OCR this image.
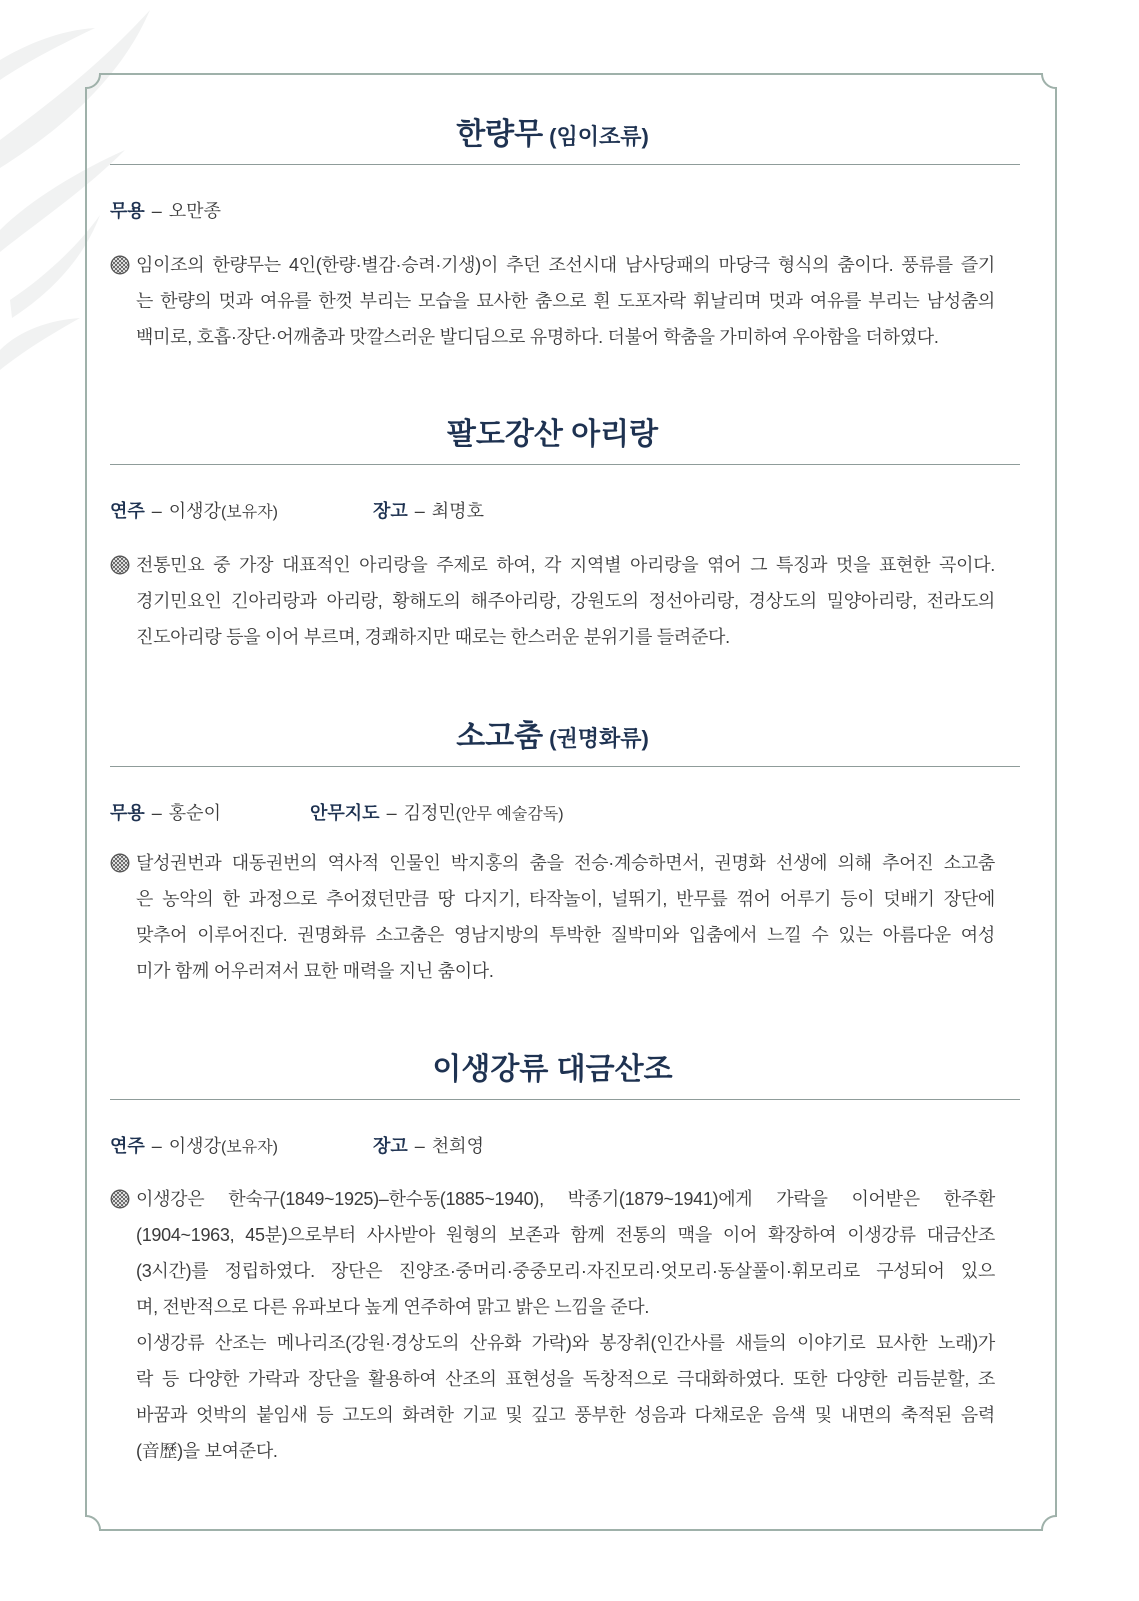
한량무 (임이조류)
무용 – 오만종
임이조의 한량무는 4인(한량·별감·승려·기생)이 추던 조선시대 남사당패의 마당극 형식의 춤이다. 풍류를 즐기
는 한량의 멋과 여유를 한껏 부리는 모습을 묘사한 춤으로 흰 도포자락 휘날리며 멋과 여유를 부리는 남성춤의
백미로, 호흡·장단·어깨춤과 맛깔스러운 발디딤으로 유명하다. 더불어 학춤을 가미하여 우아함을 더하였다.
팔도강산 아리랑
연주 – 이생강(보유자)	장고 – 최명호
전통민요 중 가장 대표적인 아리랑을 주제로 하여, 각 지역별 아리랑을 엮어 그 특징과 멋을 표현한 곡이다.
경기민요인 긴아리랑과 아리랑, 황해도의 해주아리랑, 강원도의 정선아리랑, 경상도의 밀양아리랑, 전라도의
진도아리랑 등을 이어 부르며, 경쾌하지만 때로는 한스러운 분위기를 들려준다.
소고춤 (권명화류)
무용 – 홍순이	안무지도 – 김정민(안무 예술감독)
달성권번과 대동권번의 역사적 인물인 박지홍의 춤을 전승·계승하면서, 권명화 선생에 의해 추어진 소고춤
은 농악의 한 과정으로 추어졌던만큼 땅 다지기, 타작놀이, 널뛰기, 반무릎 꺾어 어루기 등이 덧배기 장단에
맞추어 이루어진다. 권명화류 소고춤은 영남지방의 투박한 질박미와 입춤에서 느낄 수 있는 아름다운 여성
미가 함께 어우러져서 묘한 매력을 지닌 춤이다.
이생강류 대금산조
연주 – 이생강(보유자)	장고 – 천희영
이생강은 한숙구(1849~1925)–한수동(1885~1940), 박종기(1879~1941)에게 가락을 이어받은 한주환
(1904~1963, 45분)으로부터 사사받아 원형의 보존과 함께 전통의 맥을 이어 확장하여 이생강류 대금산조
(3시간)를 정립하였다. 장단은 진양조·중머리·중중모리·자진모리·엇모리·동살풀이·휘모리로 구성되어 있으
며, 전반적으로 다른 유파보다 높게 연주하여 맑고 밝은 느낌을 준다.
이생강류 산조는 메나리조(강원·경상도의 산유화 가락)와 봉장취(인간사를 새들의 이야기로 묘사한 노래)가
락 등 다양한 가락과 장단을 활용하여 산조의 표현성을 독창적으로 극대화하였다. 또한 다양한 리듬분할, 조
바꿈과 엇박의 붙임새 등 고도의 화려한 기교 및 깊고 풍부한 성음과 다채로운 음색 및 내면의 축적된 음력
(音歷)을 보여준다.
